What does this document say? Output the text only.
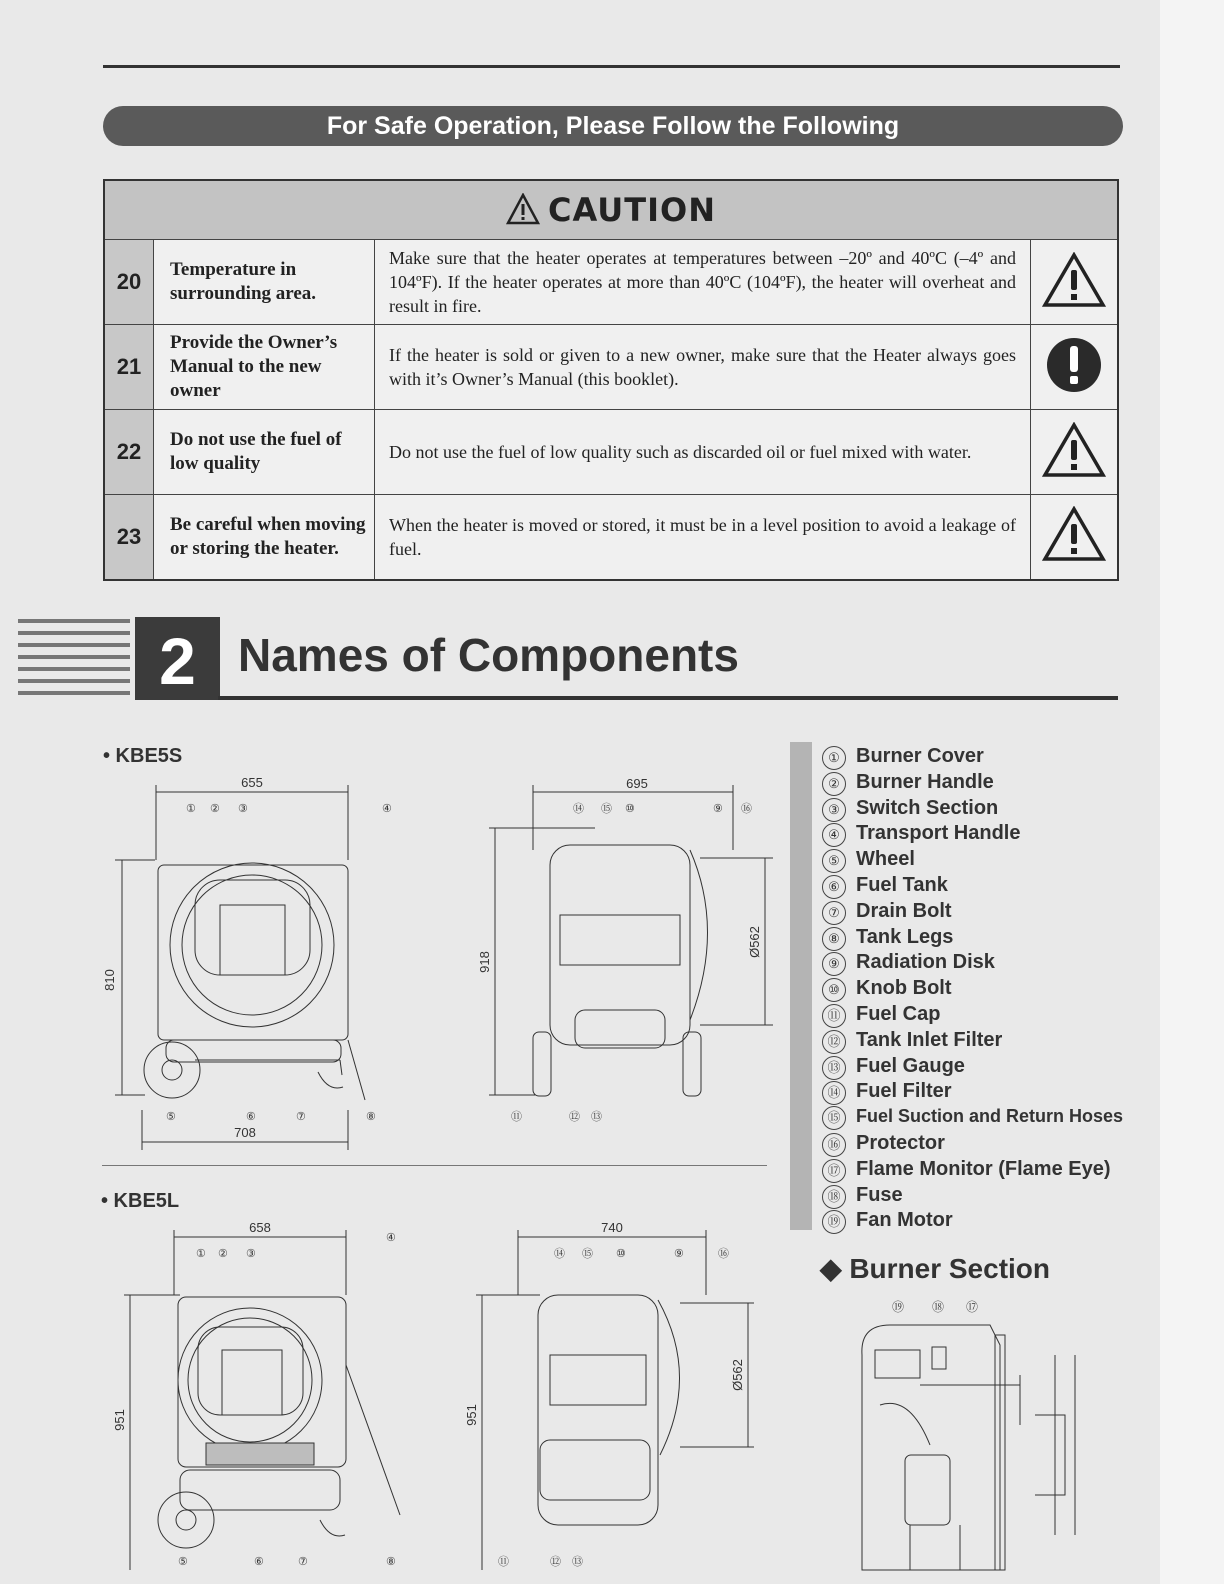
For Safe Operation, Please Follow the Following
CAUTION			
20	Temperature in surrounding area.	Make sure that the heater operates at temperatures between –20º and 40ºC (–4º and 104ºF). If the heater operates at more than 40ºC (104ºF), the heater will overheat and result in fire.	
21	Provide the Owner’s Manual to the new owner	If the heater is sold or given to a new owner, make sure that the Heater always goes with it’s Owner’s Manual (this booklet).	
22	Do not use the fuel of low quality	Do not use the fuel of low quality such as discarded oil or fuel mixed with water.	
23	Be careful when moving or storing the heater.	When the heater is moved or stored, it must be in a level position to avoid a leakage of fuel.	
2 Names of Components
• KBE5S
• KBE5L
655
810
708
① ② ③	④
⑤	⑥	⑦	⑧
695
918
Ø562
⑭ ⑮ ⑩	⑨ ⑯
⑪	⑫ ⑬
658
951
① ② ③
④
⑤	⑥	⑦	⑧
740
951
Ø562
⑭ ⑮ ⑩	⑨	⑯
⑪	⑫ ⑬
① Burner Cover
② Burner Handle
③ Switch Section
④ Transport Handle
⑤ Wheel
⑥ Fuel Tank
⑦ Drain Bolt
⑧ Tank Legs
⑨ Radiation Disk
⑩ Knob Bolt
⑪ Fuel Cap
⑫ Tank Inlet Filter
⑬ Fuel Gauge
⑭ Fuel Filter
⑮ Fuel Suction and Return Hoses
⑯ Protector
⑰ Flame Monitor (Flame Eye)
⑱ Fuse
⑲ Fan Motor
◆ Burner Section
⑲ ⑱ ⑰
